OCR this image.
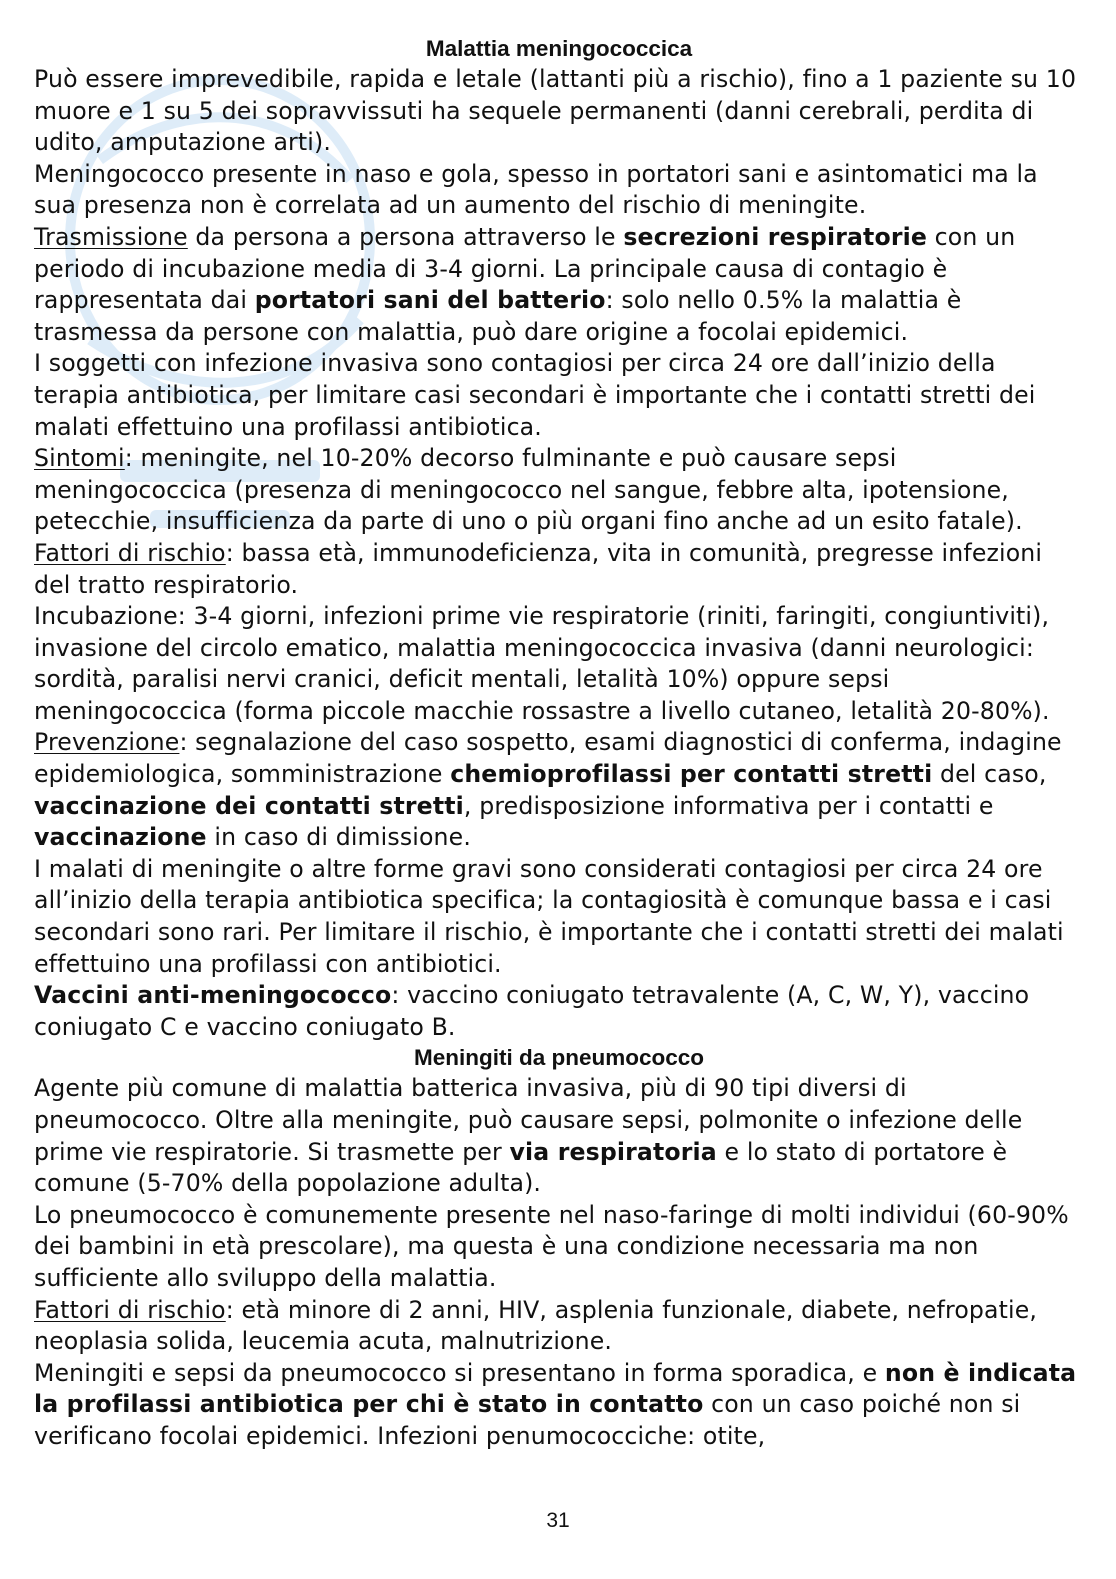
Malattia meningococcica

Può essere imprevedibile, rapida e letale (lattanti più a rischio), fino a 1 paziente su 10 muore e 1 su 5 dei sopravvissuti ha sequele permanenti (danni cerebrali, perdita di udito, amputazione arti).

Meningococco presente in naso e gola, spesso in portatori sani e asintomatici ma la sua presenza non è correlata ad un aumento del rischio di meningite.

Trasmissione da persona a persona attraverso le secrezioni respiratorie con un periodo di incubazione media di 3-4 giorni. La principale causa di contagio è rappresentata dai portatori sani del batterio: solo nello 0.5% la malattia è trasmessa da persone con malattia, può dare origine a focolai epidemici.

I soggetti con infezione invasiva sono contagiosi per circa 24 ore dall’inizio della terapia antibiotica, per limitare casi secondari è importante che i contatti stretti dei malati effettuino una profilassi antibiotica.

Sintomi: meningite, nel 10-20% decorso fulminante e può causare sepsi meningococcica (presenza di meningococco nel sangue, febbre alta, ipotensione, petecchie, insufficienza da parte di uno o più organi fino anche ad un esito fatale). Fattori di rischio: bassa età, immunodeficienza, vita in comunità, pregresse infezioni del tratto respiratorio.

Incubazione: 3-4 giorni, infezioni prime vie respiratorie (riniti, faringiti, congiuntiviti), invasione del circolo ematico, malattia meningococcica invasiva (danni neurologici: sordità, paralisi nervi cranici, deficit mentali, letalità 10%) oppure sepsi meningococcica (forma piccole macchie rossastre a livello cutaneo, letalità 20-80%). Prevenzione: segnalazione del caso sospetto, esami diagnostici di conferma, indagine epidemiologica, somministrazione chemioprofilassi per contatti stretti del caso, vaccinazione dei contatti stretti, predisposizione informativa per i contatti e vaccinazione in caso di dimissione.

I malati di meningite o altre forme gravi sono considerati contagiosi per circa 24 ore all’inizio della terapia antibiotica specifica; la contagiosità è comunque bassa e i casi secondari sono rari. Per limitare il rischio, è importante che i contatti stretti dei malati effettuino una profilassi con antibiotici.

Vaccini anti-meningococco: vaccino coniugato tetravalente (A, C, W, Y), vaccino coniugato C e vaccino coniugato B.

Meningiti da pneumococco

Agente più comune di malattia batterica invasiva, più di 90 tipi diversi di pneumococco. Oltre alla meningite, può causare sepsi, polmonite o infezione delle prime vie respiratorie. Si trasmette per via respiratoria e lo stato di portatore è comune (5-70% della popolazione adulta).

Lo pneumococco è comunemente presente nel naso-faringe di molti individui (60-90% dei bambini in età prescolare), ma questa è una condizione necessaria ma non sufficiente allo sviluppo della malattia.

Fattori di rischio: età minore di 2 anni, HIV, asplenia funzionale, diabete, nefropatie, neoplasia solida, leucemia acuta, malnutrizione.

Meningiti e sepsi da pneumococco si presentano in forma sporadica, e non è indicata la profilassi antibiotica per chi è stato in contatto con un caso poiché non si verificano focolai epidemici. Infezioni penumococciche: otite,

31
